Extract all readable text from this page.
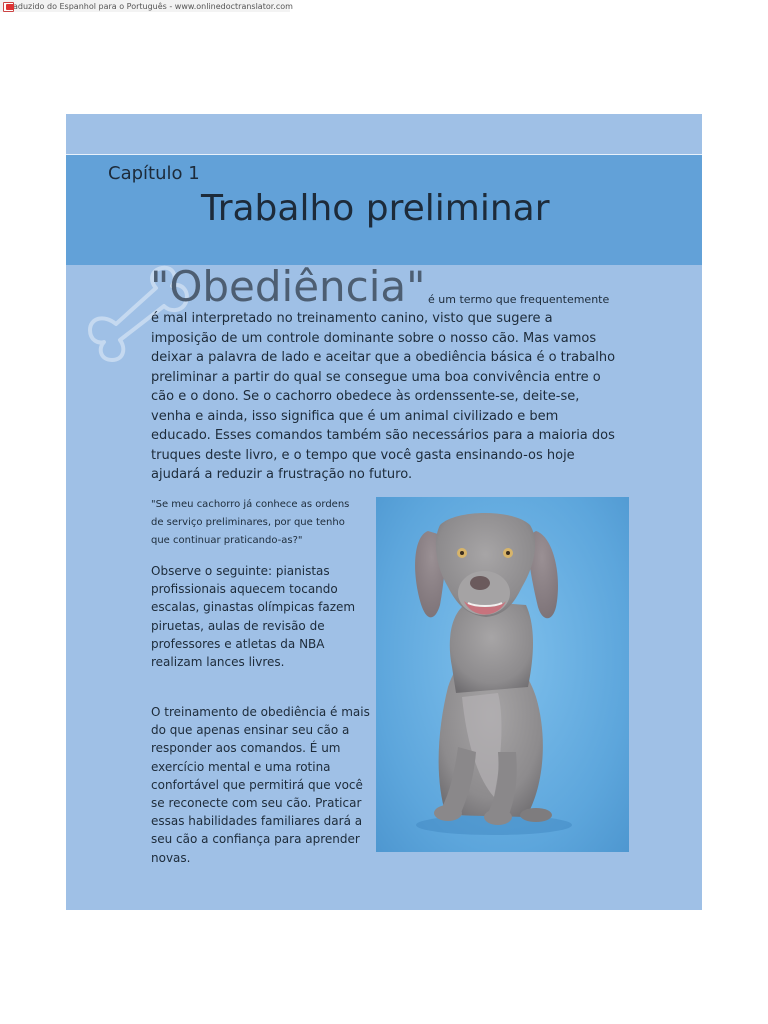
Traduzido do Espanhol para o Português - www.onlinedoctranslator.com
Capítulo 1
Trabalho preliminar
"Obediência" é um termo que frequentemente

é mal interpretado no treinamento canino, visto que sugere a imposição de um controle dominante sobre o nosso cão. Mas vamos deixar a palavra de lado e aceitar que a obediência básica é o trabalho preliminar a partir do qual se consegue uma boa convivência entre o cão e o dono. Se o cachorro obedece às ordenssente-se, deite-se, venha e ainda, isso significa que é um animal civilizado e bem educado. Esses comandos também são necessários para a maioria dos truques deste livro, e o tempo que você gasta ensinando-os hoje ajudará a reduzir a frustração no futuro.

"Se meu cachorro já conhece as ordens de serviço preliminares, por que tenho que continuar praticando-as?"

Observe o seguinte: pianistas profissionais aquecem tocando escalas, ginastas olímpicas fazem piruetas, aulas de revisão de professores e atletas da NBA realizam lances livres.

O treinamento de obediência é mais do que apenas ensinar seu cão a responder aos comandos. É um exercício mental e uma rotina confortável que permitirá que você se reconecte com seu cão. Praticar essas habilidades familiares dará a seu cão a confiança para aprender novas.
